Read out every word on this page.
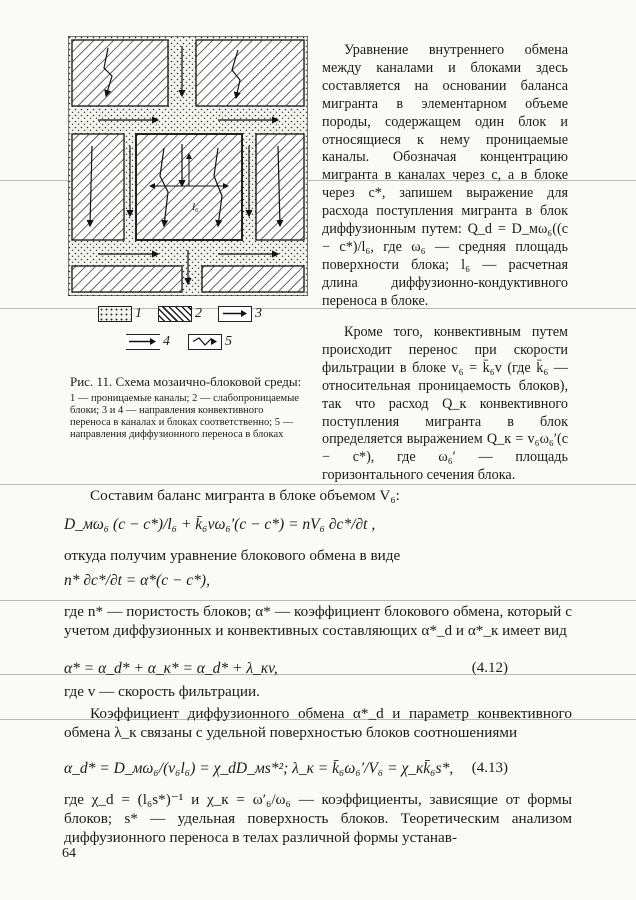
l₆
1	2	3
4	5
Рис. 11. Схема мозаично-блоковой среды:
1 — проницаемые каналы; 2 — слабопроницаемые блоки; 3 и 4 — направления конвективного переноса в каналах и блоках соответственно; 5 — направления диффузионного переноса в блоках
Уравнение внутреннего обмена между каналами и блоками здесь составляется на основании баланса мигранта в элементарном объеме породы, содержащем один блок и относящиеся к нему проницаемые каналы. Обозначая концентрацию мигранта в каналах через c, а в блоке через c*, запишем выражение для расхода поступления мигранта в блок диффузионным путем: Q_d = D_мω₆((c − c*)/l₆, где ω₆ — средняя площадь поверхности блока; l₆ — расчетная длина диффузионно-кондуктивного переноса в блоке.
Кроме того, конвективным путем происходит перенос при скорости фильтрации в блоке v₆ = k̄₆v (где k̄₆ — относительная проницаемость блоков), так что расход Q_к конвективного поступления мигранта в блок определяется выражением Q_к = v₆ω₆′(c − c*), где ω₆′ — площадь горизонтального сечения блока.
Составим баланс мигранта в блоке объемом V₆:
D_мω₆ (c − c*)/l₆ + k̄₆vω₆′(c − c*) = nV₆ ∂c*/∂t ,
откуда получим уравнение блокового обмена в виде
n* ∂c*/∂t = α*(c − c*),
где n* — пористость блоков; α* — коэффициент блокового обмена, который с учетом диффузионных и конвективных составляющих α*_d и α*_к имеет вид
α* = α_d* + α_к* = α_d* + λ_кv,	(4.12)
где v — скорость фильтрации.
Коэффициент диффузионного обмена α*_d и параметр конвективного обмена λ_к связаны с удельной поверхностью блоков соотношениями
α_d* = D_мω₆/(v₆l₆) = χ_dD_мs*²; λ_к = k̄₆ω₆′/V₆ = χ_кk̄₆s*, (4.13)
где χ_d = (l₆s*)⁻¹ и χ_к = ω′₆/ω₆ — коэффициенты, зависящие от формы блоков; s* — удельная поверхность блоков. Теоретическим анализом диффузионного переноса в телах различной формы устанав-
64
